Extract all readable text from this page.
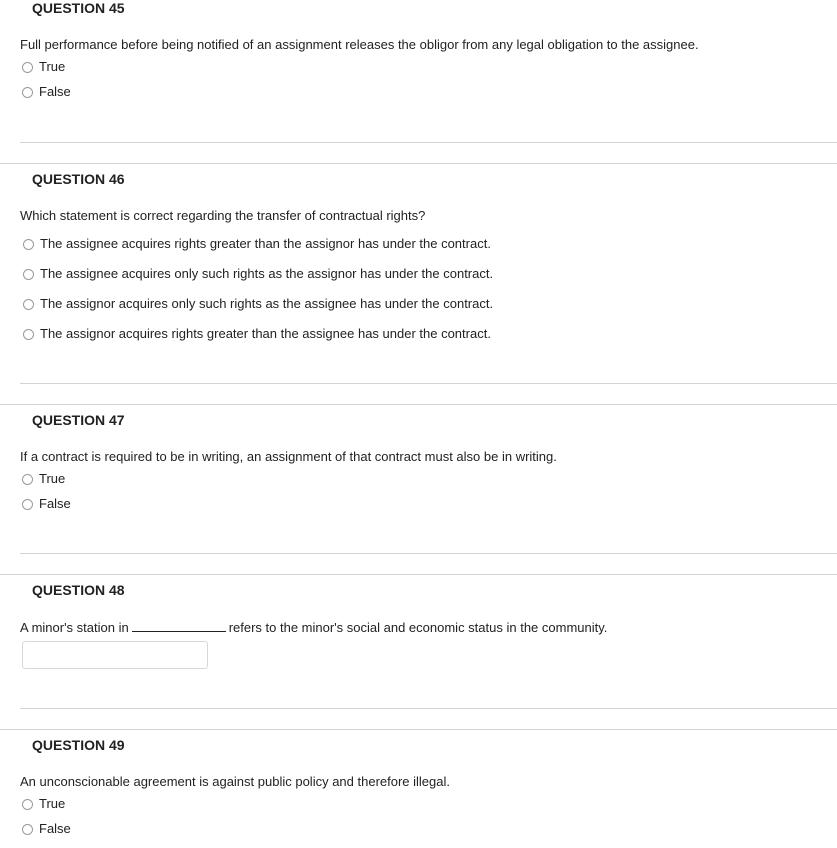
QUESTION 45

Full performance before being notified of an assignment releases the obligor from any legal obligation to the assignee.

True
False
QUESTION 46

Which statement is correct regarding the transfer of contractual rights?

The assignee acquires rights greater than the assignor has under the contract.
The assignee acquires only such rights as the assignor has under the contract.
The assignor acquires only such rights as the assignee has under the contract.
The assignor acquires rights greater than the assignee has under the contract.
QUESTION 47

If a contract is required to be in writing, an assignment of that contract must also be in writing.

True
False
QUESTION 48

A minor's station in	refers to the minor's social and economic status in the community.

QUESTION 49

An unconscionable agreement is against public policy and therefore illegal.

True
False
